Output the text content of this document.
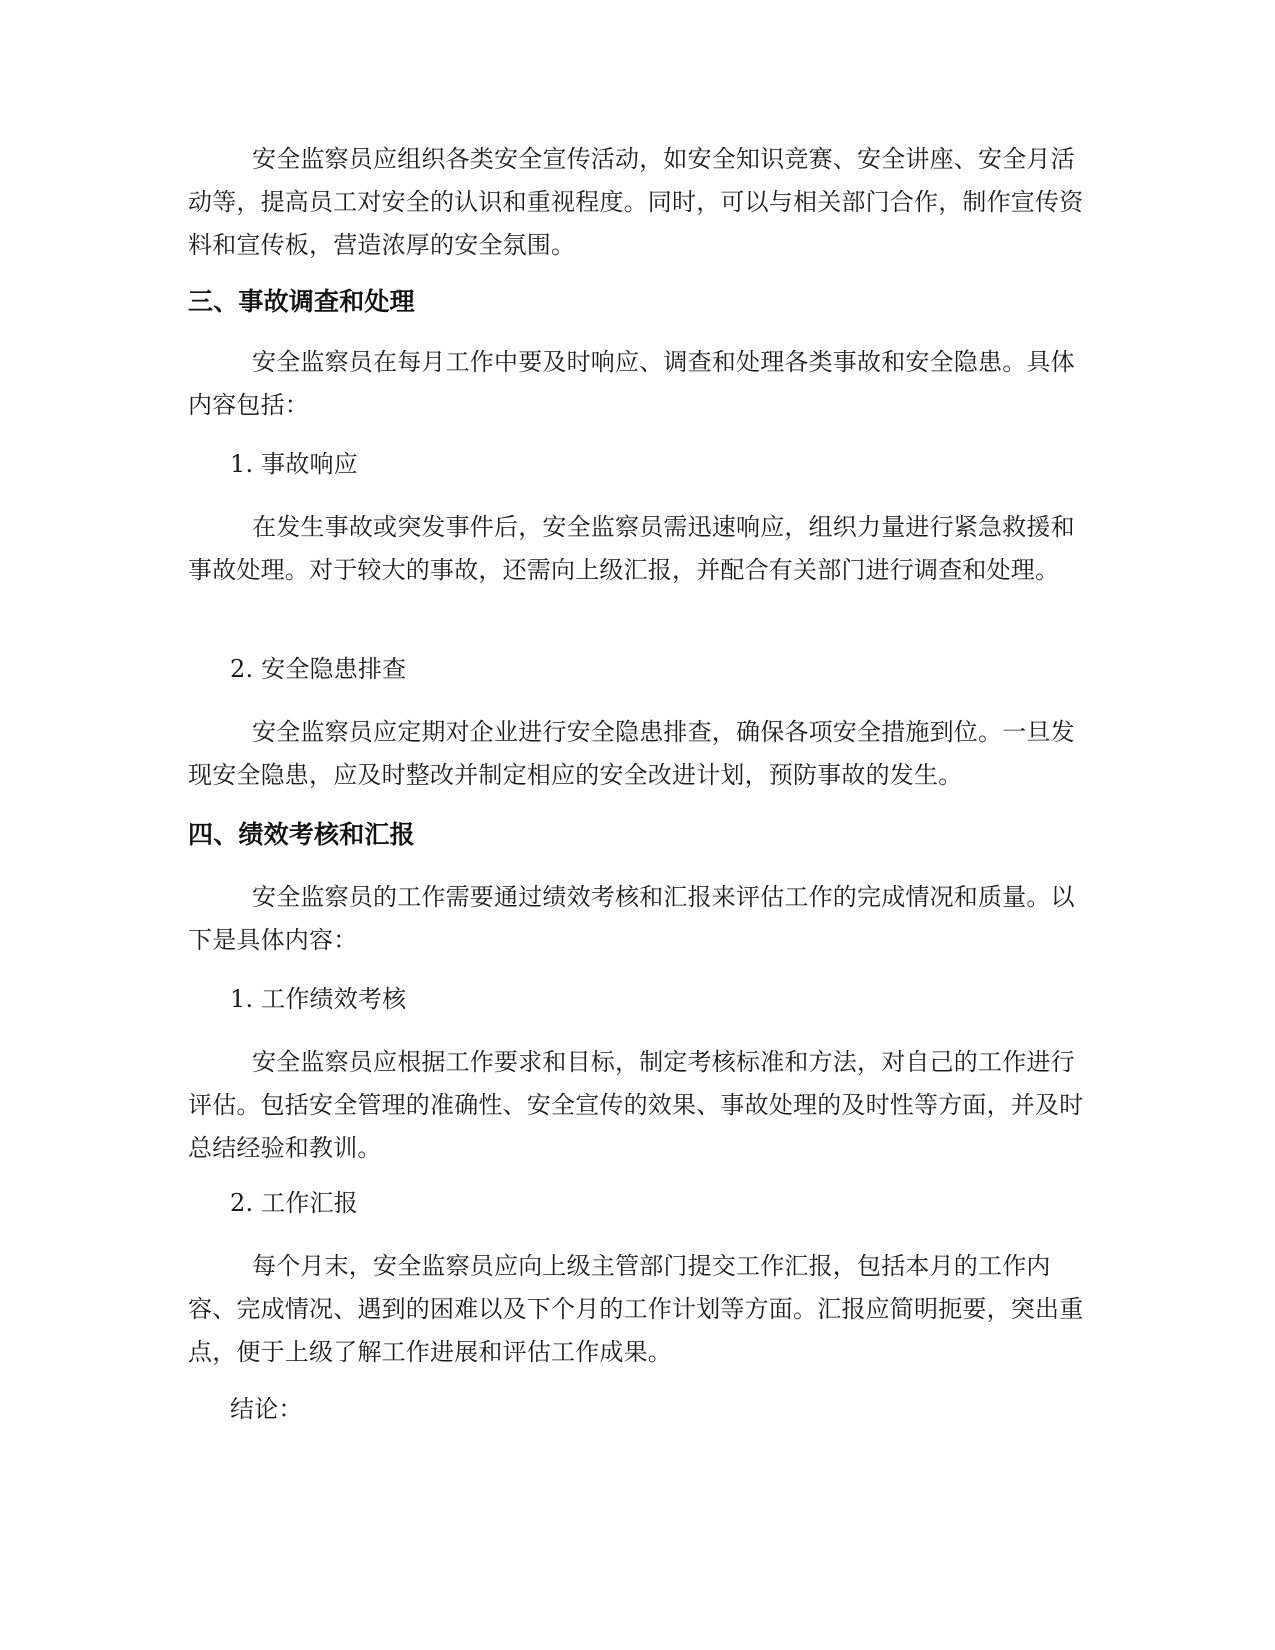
安全监察员应组织各类安全宣传活动，如安全知识竞赛、安全讲座、安全月活动等，提高员工对安全的认识和重视程度。同时，可以与相关部门合作，制作宣传资料和宣传板，营造浓厚的安全氛围。

三、事故调查和处理

安全监察员在每月工作中要及时响应、调查和处理各类事故和安全隐患。具体内容包括：

1. 事故响应

在发生事故或突发事件后，安全监察员需迅速响应，组织力量进行紧急救援和事故处理。对于较大的事故，还需向上级汇报，并配合有关部门进行调查和处理。

2. 安全隐患排查

安全监察员应定期对企业进行安全隐患排查，确保各项安全措施到位。一旦发现安全隐患，应及时整改并制定相应的安全改进计划，预防事故的发生。

四、绩效考核和汇报

安全监察员的工作需要通过绩效考核和汇报来评估工作的完成情况和质量。以下是具体内容：

1. 工作绩效考核

安全监察员应根据工作要求和目标，制定考核标准和方法，对自己的工作进行评估。包括安全管理的准确性、安全宣传的效果、事故处理的及时性等方面，并及时总结经验和教训。

2. 工作汇报

每个月末，安全监察员应向上级主管部门提交工作汇报，包括本月的工作内容、完成情况、遇到的困难以及下个月的工作计划等方面。汇报应简明扼要，突出重点，便于上级了解工作进展和评估工作成果。

结论：
